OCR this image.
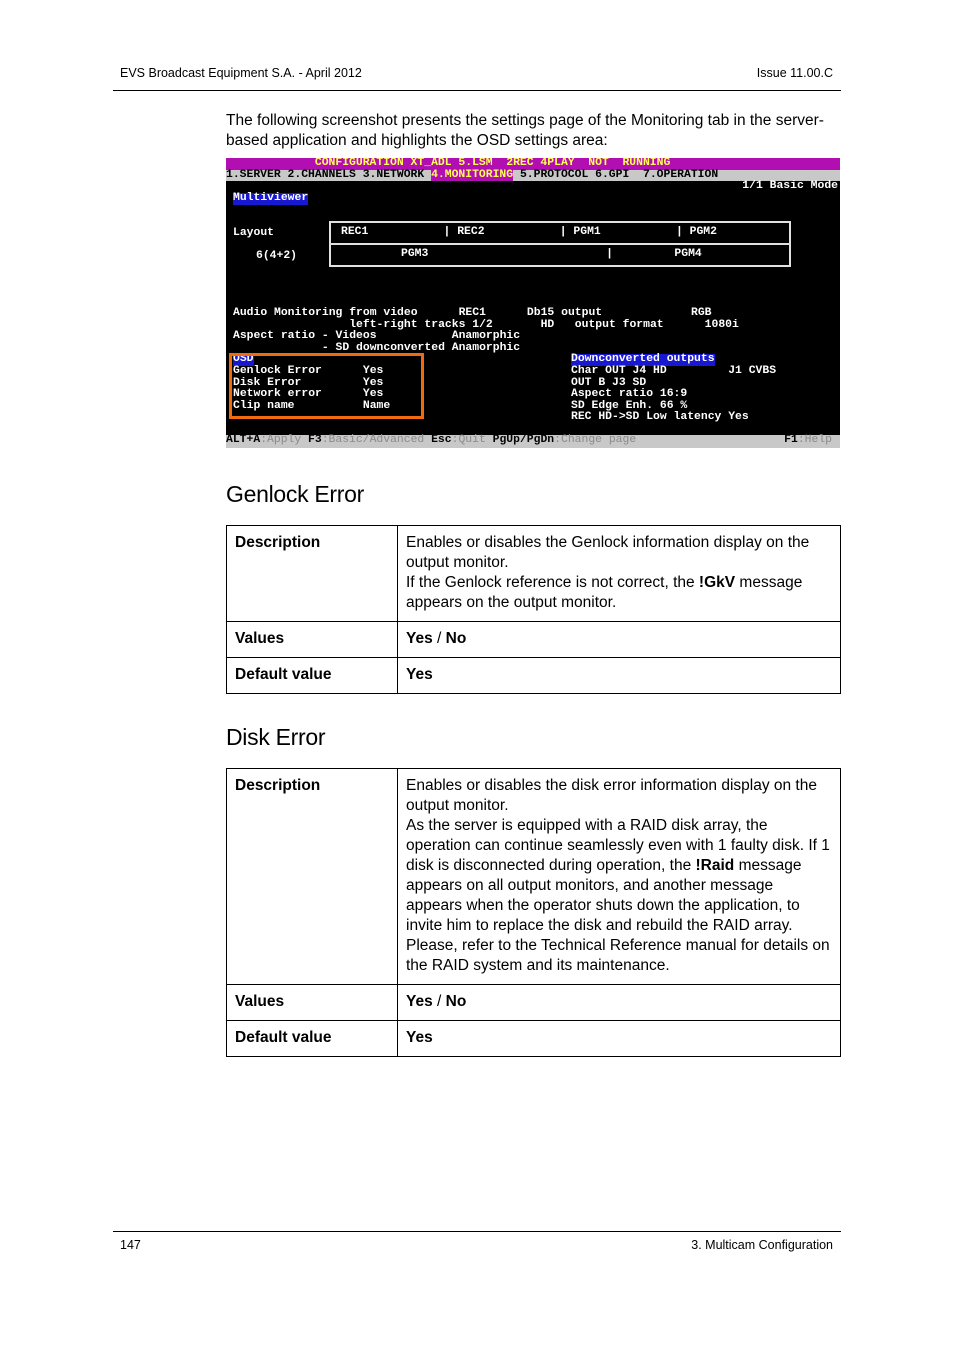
EVS Broadcast Equipment S.A. - April 2012	Issue 11.00.C

The following screenshot presents the settings page of the Monitoring tab in the server-based application and highlights the OSD settings area:

CONFIGURATION XT_ADL 5.LSM  2REC 4PLAY  NOT  RUNNING
1.SERVER 2.CHANNELS 3.NETWORK 4.MONITORING 5.PROTOCOL 6.GPI  7.OPERATION
1/1 Basic Mode
Multiviewer
Layout
6(4+2)
REC1           | REC2           | PGM1           | PGM2
PGM3                          |         PGM4
Audio Monitoring from video      REC1      Db15 output             RGB
left-right tracks 1/2       HD   output format      1080i
Aspect ratio - Videos           Anamorphic
- SD downconverted Anamorphic
OSD
Genlock Error      Yes
Disk Error         Yes
Network error      Yes
Clip name          Name
Downconverted outputs
Char OUT J4 HD         J1 CVBS
OUT B J3 SD
Aspect ratio 16:9
SD Edge Enh. 66 %
REC HD->SD Low latency Yes
ALT+A:Apply F3:Basic/Advanced Esc:Quit PgUp/PgDn:Change page	F1:Help
Genlock Error
Description	Enables or disables the Genlock information display on the output monitor.
If the Genlock reference is not correct, the !GkV message appears on the output monitor.
Values	Yes / No
Default value	Yes
Disk Error
Description	Enables or disables the disk error information display on the output monitor.
As the server is equipped with a RAID disk array, the operation can continue seamlessly even with 1 faulty disk. If 1 disk is disconnected during operation, the !Raid message appears on all output monitors, and another message appears when the operator shuts down the application, to invite him to replace the disk and rebuild the RAID array.
Please, refer to the Technical Reference manual for details on the RAID system and its maintenance.
Values	Yes / No
Default value	Yes
147	3. Multicam Configuration
